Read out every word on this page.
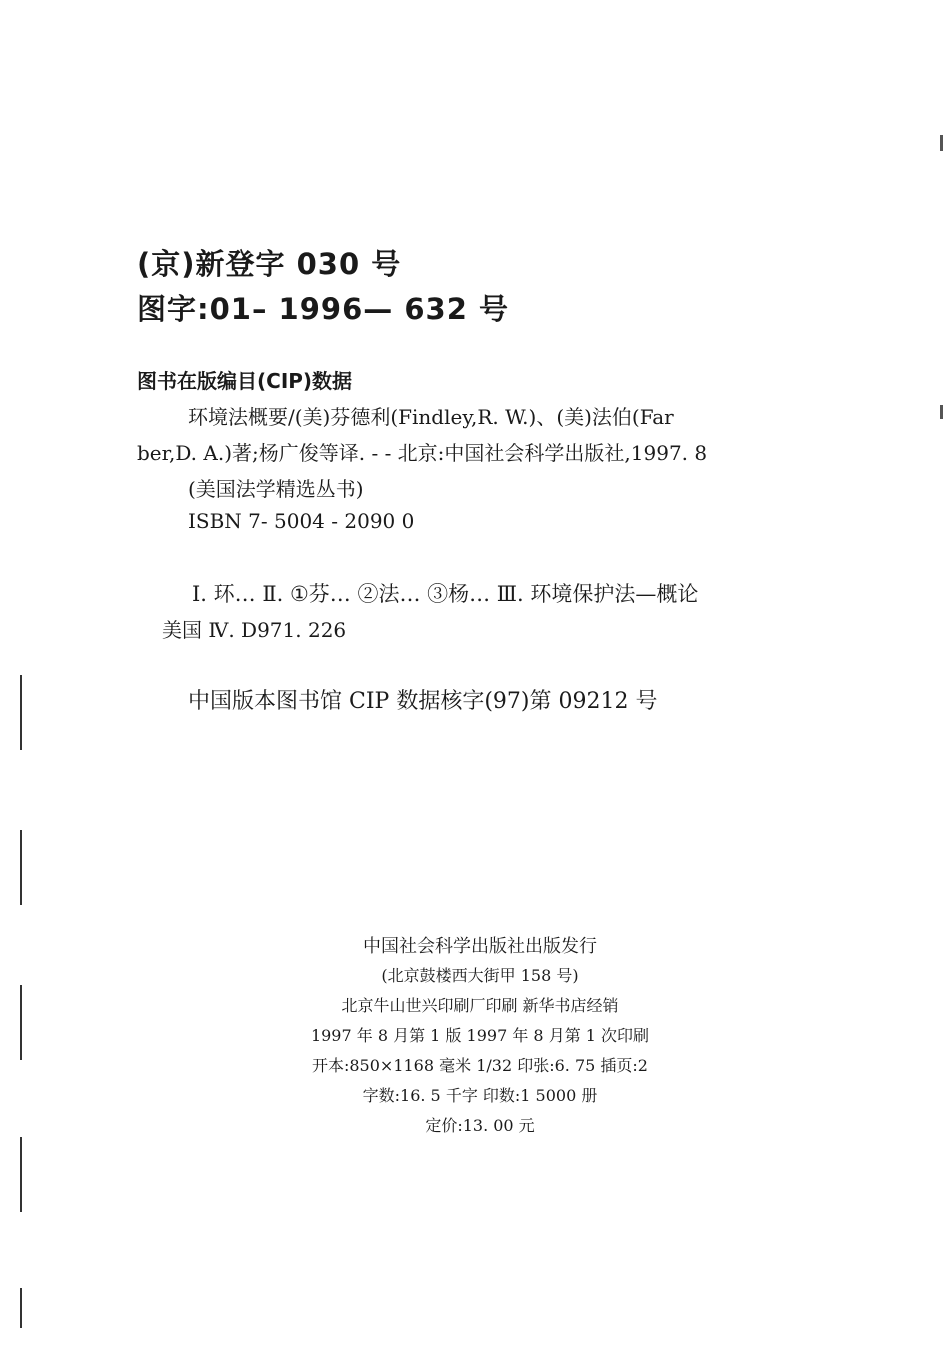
(京)新登字 030 号
图字:01– 1996— 632 号
图书在版编目(CIP)数据
环境法概要/(美)芬德利(Findley,R. W.)、(美)法伯(Far
ber,D. A.)著;杨广俊等译. - - 北京:中国社会科学出版社,1997. 8
(美国法学精选丛书)
ISBN 7- 5004 - 2090 0
Ⅰ. 环… Ⅱ. ①芬… ②法… ③杨… Ⅲ. 环境保护法—概论
美国 Ⅳ. D971. 226
中国版本图书馆 CIP 数据核字(97)第 09212 号
中国社会科学出版社出版发行
(北京鼓楼西大街甲 158 号)
北京牛山世兴印刷厂印刷 新华书店经销
1997 年 8 月第 1 版 1997 年 8 月第 1 次印刷
开本:850×1168 毫米 1/32 印张:6. 75 插页:2
字数:16. 5 千字 印数:1 5000 册
定价:13. 00 元
